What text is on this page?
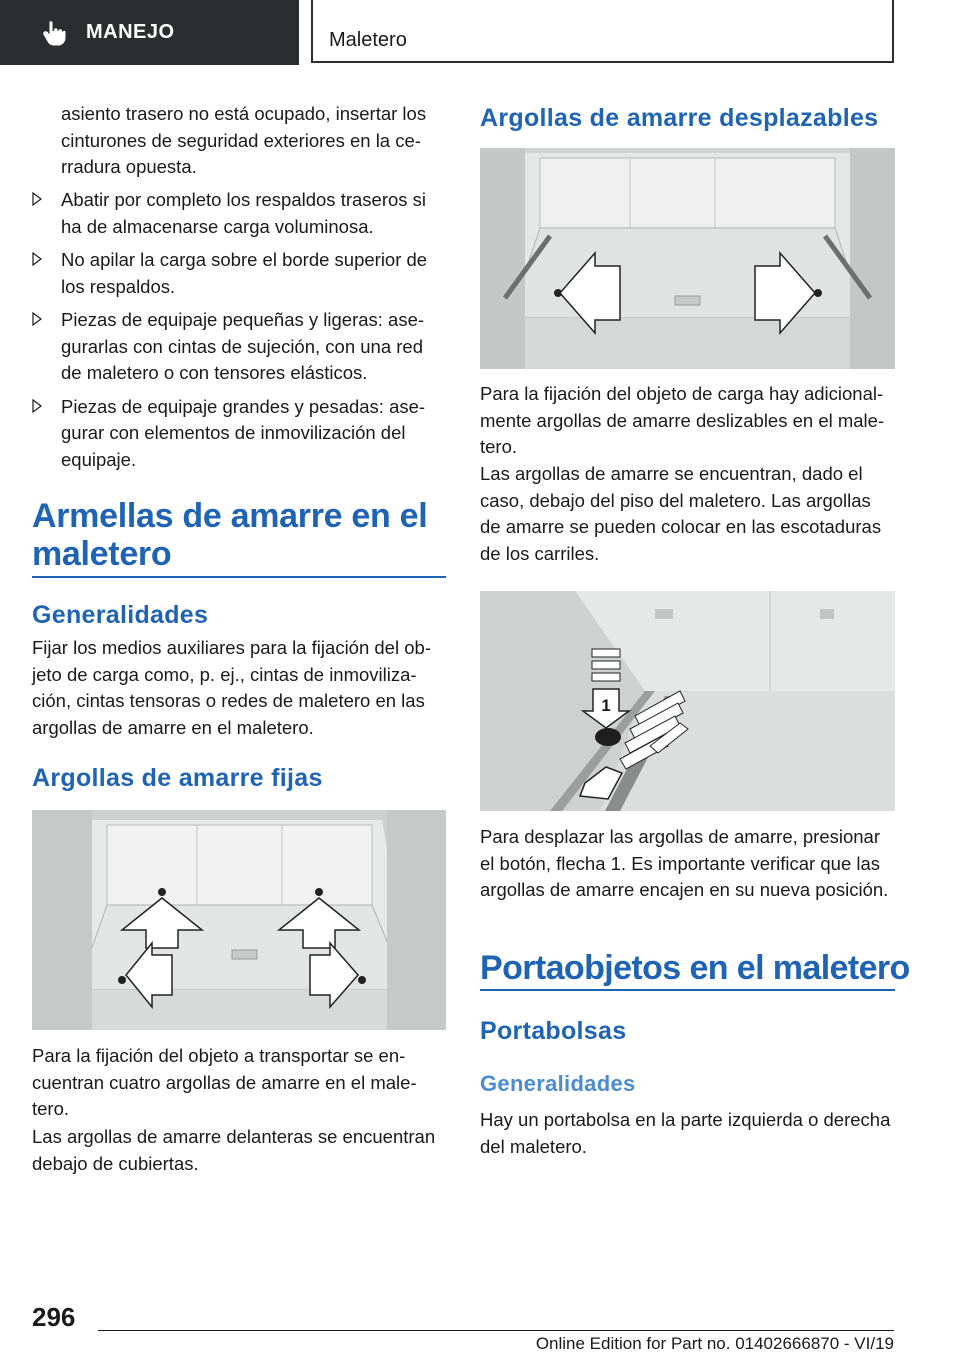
MANEJO	Maletero

asiento trasero no está ocupado, insertar los cinturones de seguridad exteriores en la cerradura opuesta.

Abatir por completo los respaldos traseros si ha de almacenarse carga voluminosa.
No apilar la carga sobre el borde superior de los respaldos.
Piezas de equipaje pequeñas y ligeras: asegurarlas con cintas de sujeción, con una red de maletero o con tensores elásticos.
Piezas de equipaje grandes y pesadas: asegurar con elementos de inmovilización del equipaje.
Armellas de amarre en el maletero
Generalidades

Fijar los medios auxiliares para la fijación del objeto de carga como, p. ej., cintas de inmovilización, cintas tensoras o redes de maletero en las argollas de amarre en el maletero.

Argollas de amarre fijas

Para la fijación del objeto a transportar se encuentran cuatro argollas de amarre en el maletero.

Las argollas de amarre delanteras se encuentran debajo de cubiertas.

Argollas de amarre desplazables

Para la fijación del objeto de carga hay adicionalmente argollas de amarre deslizables en el maletero.

Las argollas de amarre se encuentran, dado el caso, debajo del piso del maletero. Las argollas de amarre se pueden colocar en las escotaduras de los carriles.

1

Para desplazar las argollas de amarre, presionar el botón, flecha 1. Es importante verificar que las argollas de amarre encajen en su nueva posición.

Portaobjetos en el maletero
Portabolsas
Generalidades

Hay un portabolsa en la parte izquierda o derecha del maletero.

296
Online Edition for Part no. 01402666870 - VI/19
